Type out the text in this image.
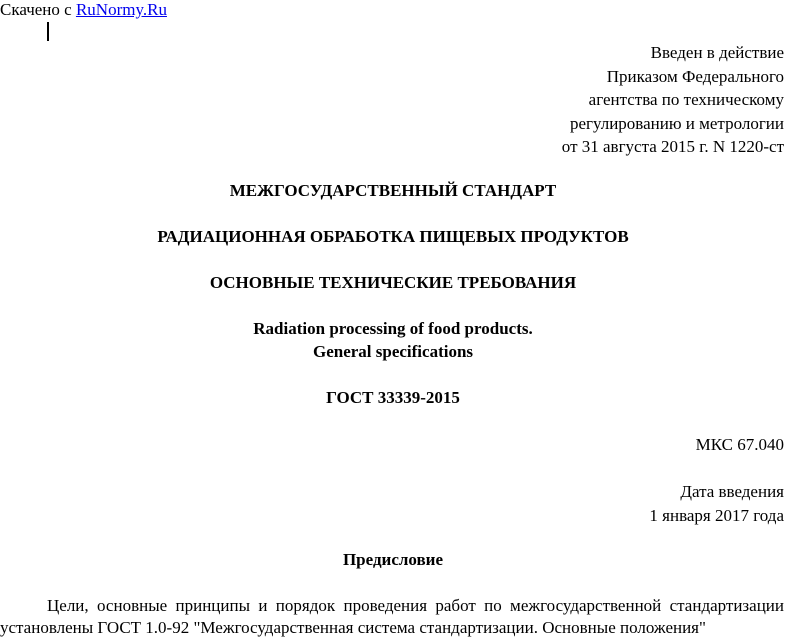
Скачено с RuNormy.Ru
Введен в действие
Приказом Федерального
агентства по техническому
регулированию и метрологии
от 31 августа 2015 г. N 1220-ст
МЕЖГОСУДАРСТВЕННЫЙ СТАНДАРТ
РАДИАЦИОННАЯ ОБРАБОТКА ПИЩЕВЫХ ПРОДУКТОВ
ОСНОВНЫЕ ТЕХНИЧЕСКИЕ ТРЕБОВАНИЯ
Radiation processing of food products.
General specifications
ГОСТ 33339-2015
МКС 67.040
Дата введения
1 января 2017 года
Предисловие
Цели, основные принципы и порядок проведения работ по межгосударственной стандартизации установлены ГОСТ 1.0-92 "Межгосударственная система стандартизации. Основные положения"
